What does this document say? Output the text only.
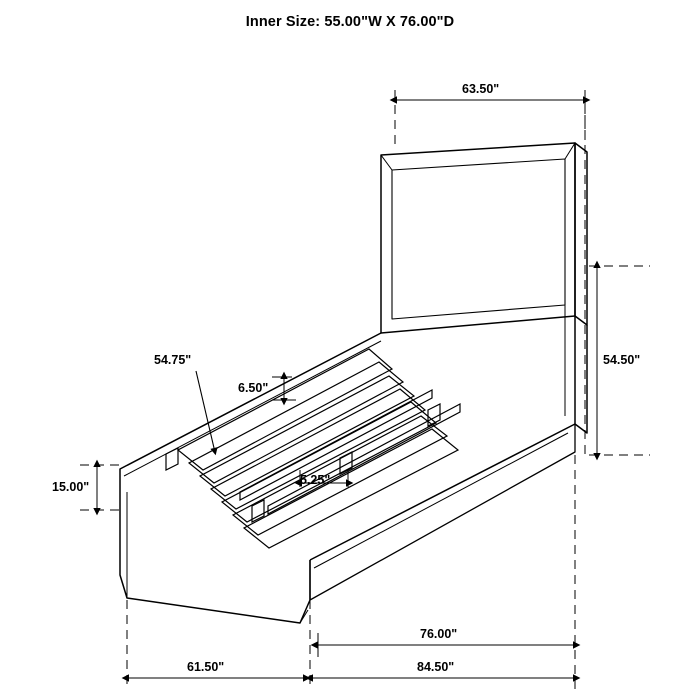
Inner Size: 55.00"W X 76.00"D
63.50"
54.50"
54.75"
6.50"
5.25"
15.00"
76.00"
61.50"	84.50"
